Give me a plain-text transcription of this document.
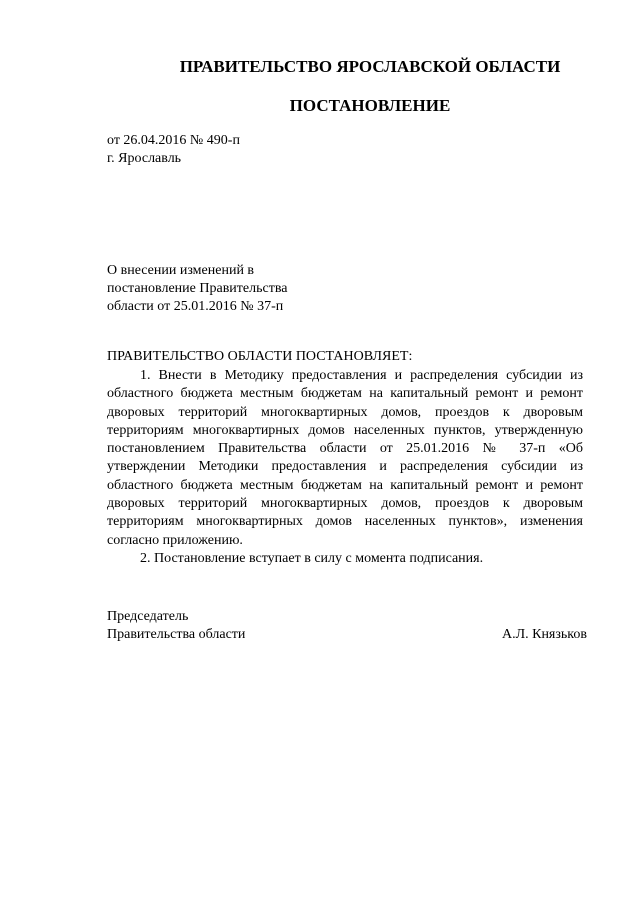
ПРАВИТЕЛЬСТВО ЯРОСЛАВСКОЙ ОБЛАСТИ
ПОСТАНОВЛЕНИЕ
от 26.04.2016 № 490-п
г. Ярославль
О внесении изменений в
постановление Правительства
области от 25.01.2016 № 37-п
ПРАВИТЕЛЬСТВО ОБЛАСТИ ПОСТАНОВЛЯЕТ:

1. Внести в Методику предоставления и распределения субсидии из областного бюджета местным бюджетам на капитальный ремонт и ремонт дворовых территорий многоквартирных домов, проездов к дворовым территориям многоквартирных домов населенных пунктов, утвержденную постановлением Правительства области от 25.01.2016 № 37-п «Об утверждении Методики предоставления и распределения субсидии из областного бюджета местным бюджетам на капитальный ремонт и ремонт дворовых территорий многоквартирных домов, проездов к дворовым территориям многоквартирных домов населенных пунктов», изменения согласно приложению.

2. Постановление вступает в силу с момента подписания.

Председатель
Правительства области	А.Л. Князьков
